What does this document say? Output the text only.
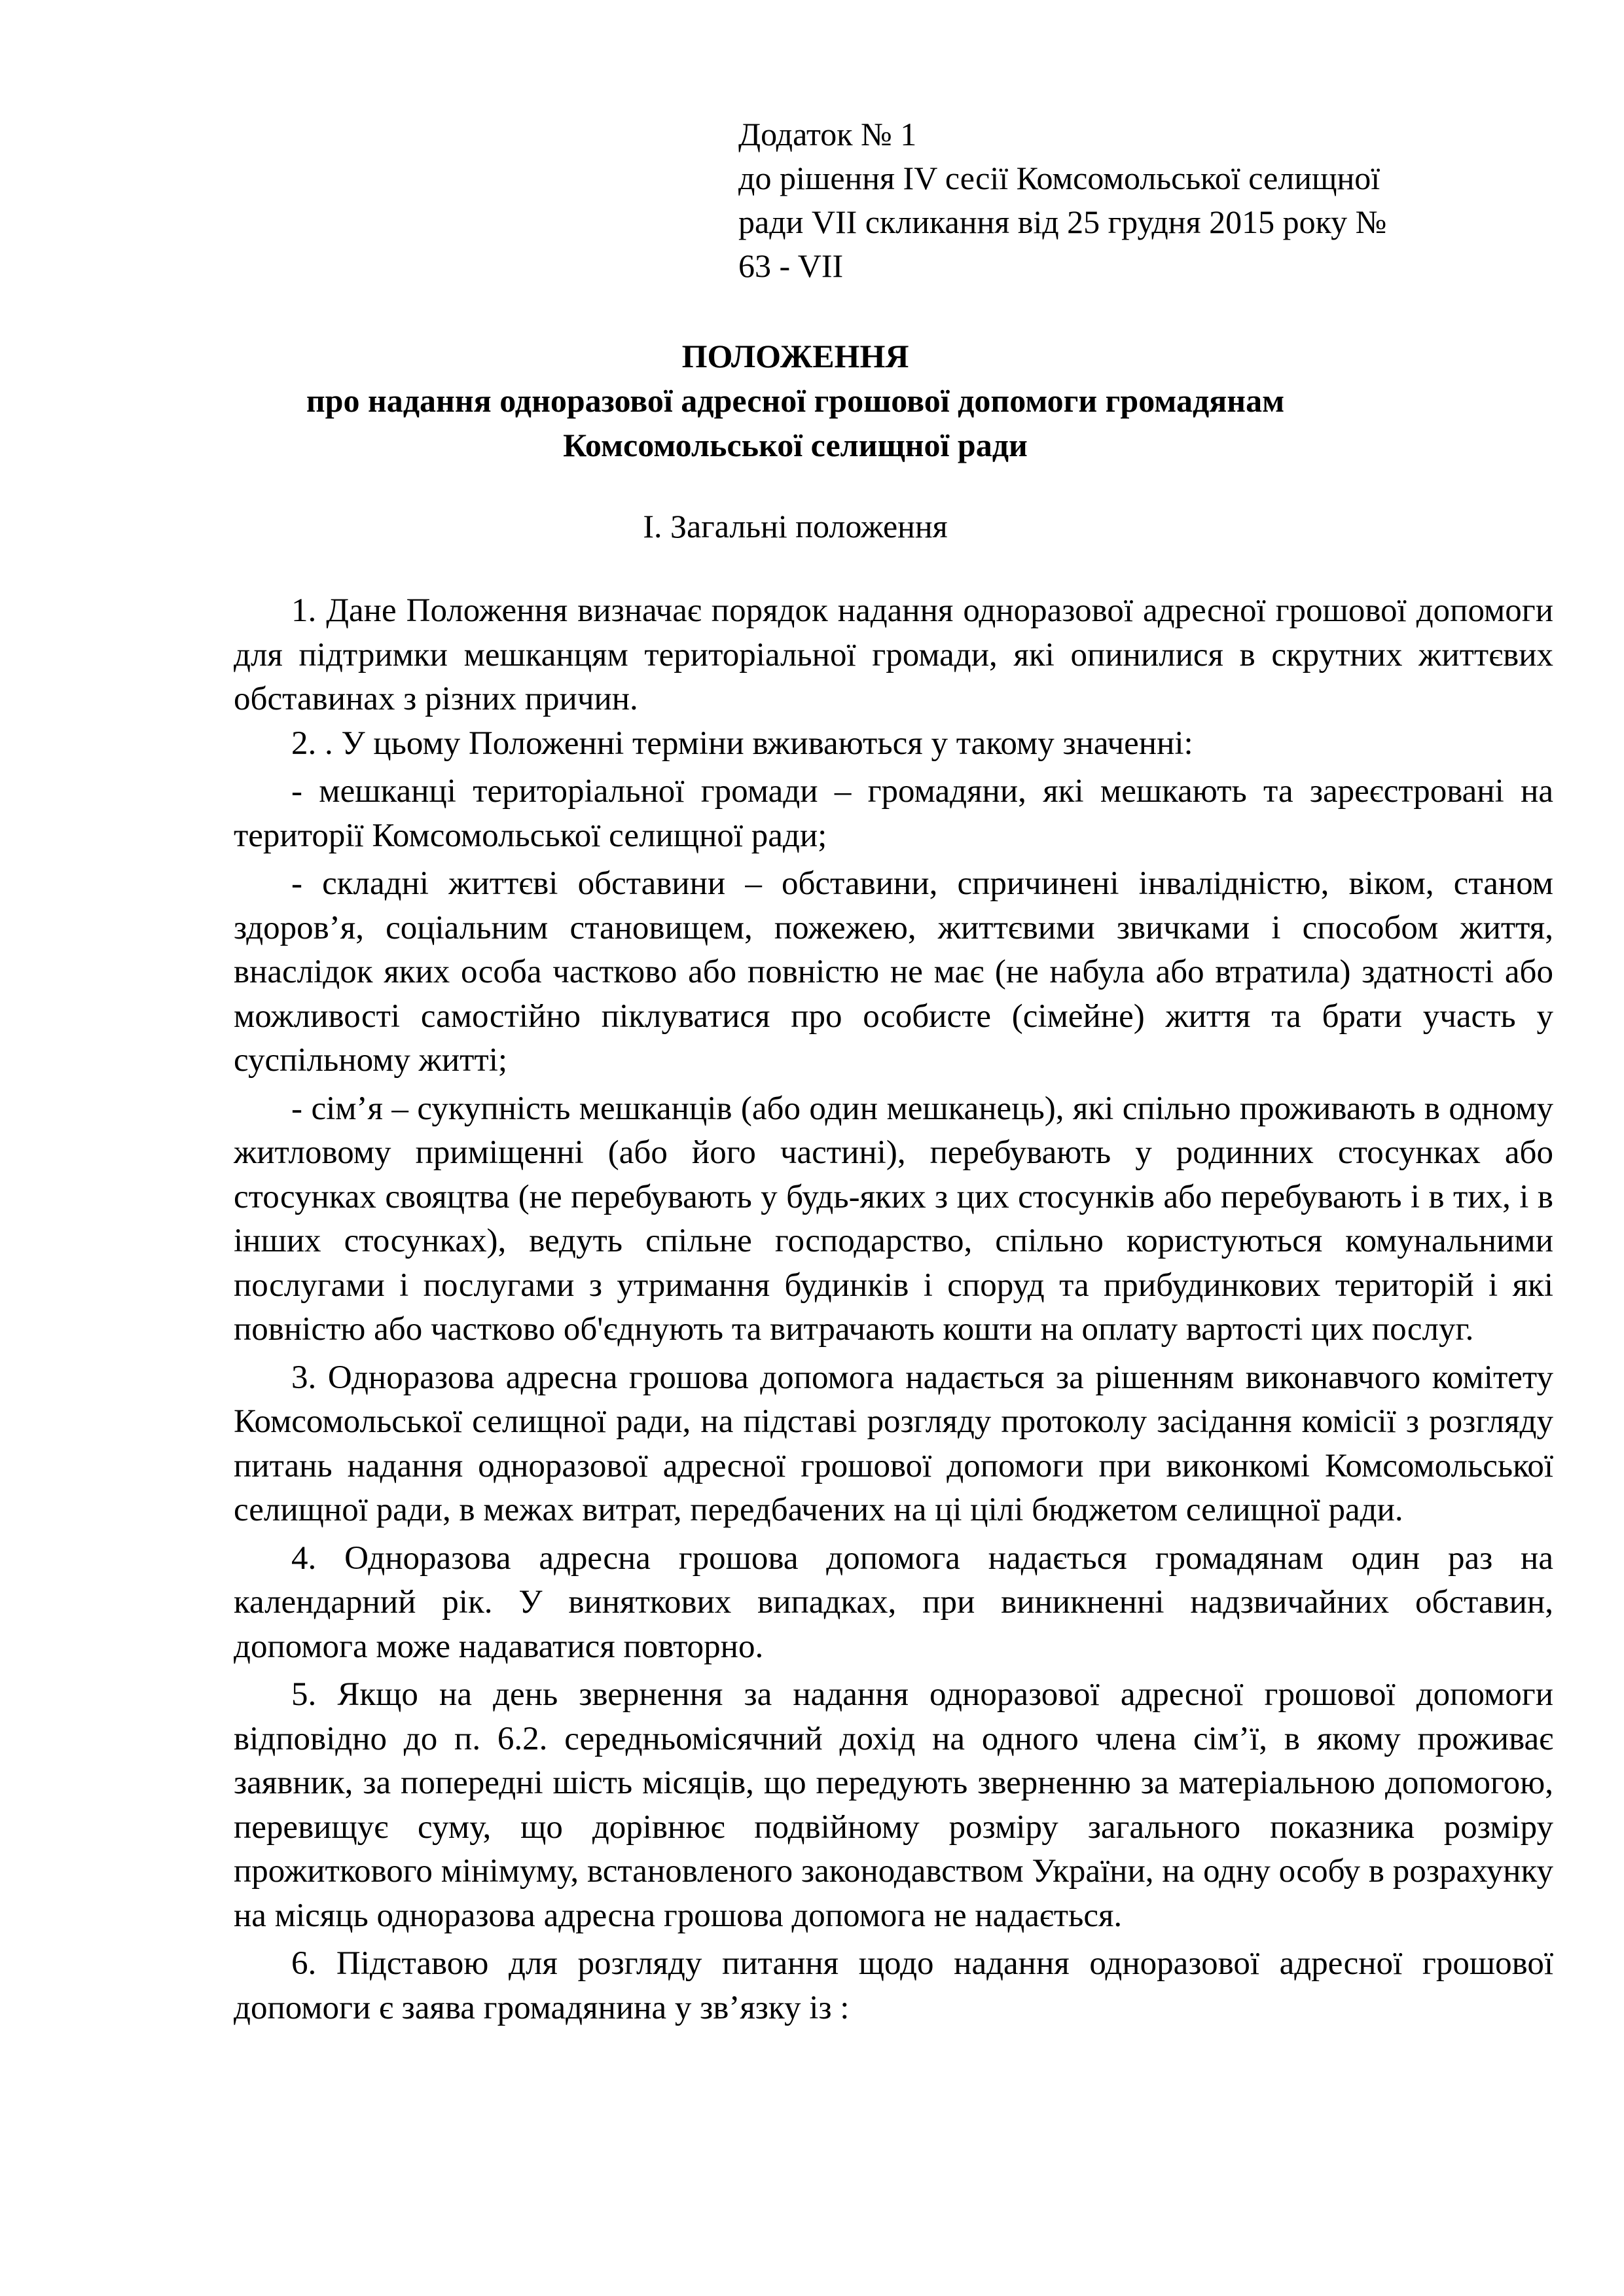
Додаток № 1
до рішення IV сесії Комсомольської селищної
ради VII скликання від 25 грудня 2015 року №
63 - VII
ПОЛОЖЕННЯ
про надання одноразової адресної грошової допомоги громадянам
Комсомольської селищної ради
І. Загальні положення

1. Дане Положення визначає порядок надання одноразової адресної грошової допомоги для підтримки мешканцям територіальної громади, які опинилися в скрутних життєвих обставинах з різних причин.

2. . У цьому Положенні терміни вживаються у такому значенні:

- мешканці територіальної громади – громадяни, які мешкають та зареєстровані на території Комсомольської селищної ради;

- складні життєві обставини – обставини, спричинені інвалідністю, віком, станом здоров’я, соціальним становищем, пожежею, життєвими звичками і способом життя, внаслідок яких особа частково або повністю не має (не набула або втратила) здатності або можливості самостійно піклуватися про особисте (сімейне) життя та брати участь у суспільному житті;

- сім’я – сукупність мешканців (або один мешканець), які спільно проживають в одному житловому приміщенні (або його частині), перебувають у родинних стосунках або стосунках свояцтва (не перебувають у будь-яких з цих стосунків або перебувають і в тих, і в інших стосунках), ведуть спільне господарство, спільно користуються комунальними послугами і послугами з утримання будинків і споруд та прибудинкових територій і які повністю або частково об'єднують та витрачають кошти на оплату вартості цих послуг.

3. Одноразова адресна грошова допомога надається за рішенням виконавчого комітету Комсомольської селищної ради, на підставі розгляду протоколу засідання комісії з розгляду питань надання одноразової адресної грошової допомоги при виконкомі Комсомольської селищної ради, в межах витрат, передбачених на ці цілі бюджетом селищної ради.

4. Одноразова адресна грошова допомога надається громадянам один раз на календарний рік. У виняткових випадках, при виникненні надзвичайних обставин, допомога може надаватися повторно.

5. Якщо на день звернення за надання одноразової адресної грошової допомоги відповідно до п. 6.2. середньомісячний дохід на одного члена сім’ї, в якому проживає заявник, за попередні шість місяців, що передують зверненню за матеріальною допомогою, перевищує суму, що дорівнює подвійному розміру загального показника розміру прожиткового мінімуму, встановленого законодавством України, на одну особу в розрахунку на місяць одноразова адресна грошова допомога не надається.

6. Підставою для розгляду питання щодо надання одноразової адресної грошової допомоги є заява громадянина у зв’язку із :
